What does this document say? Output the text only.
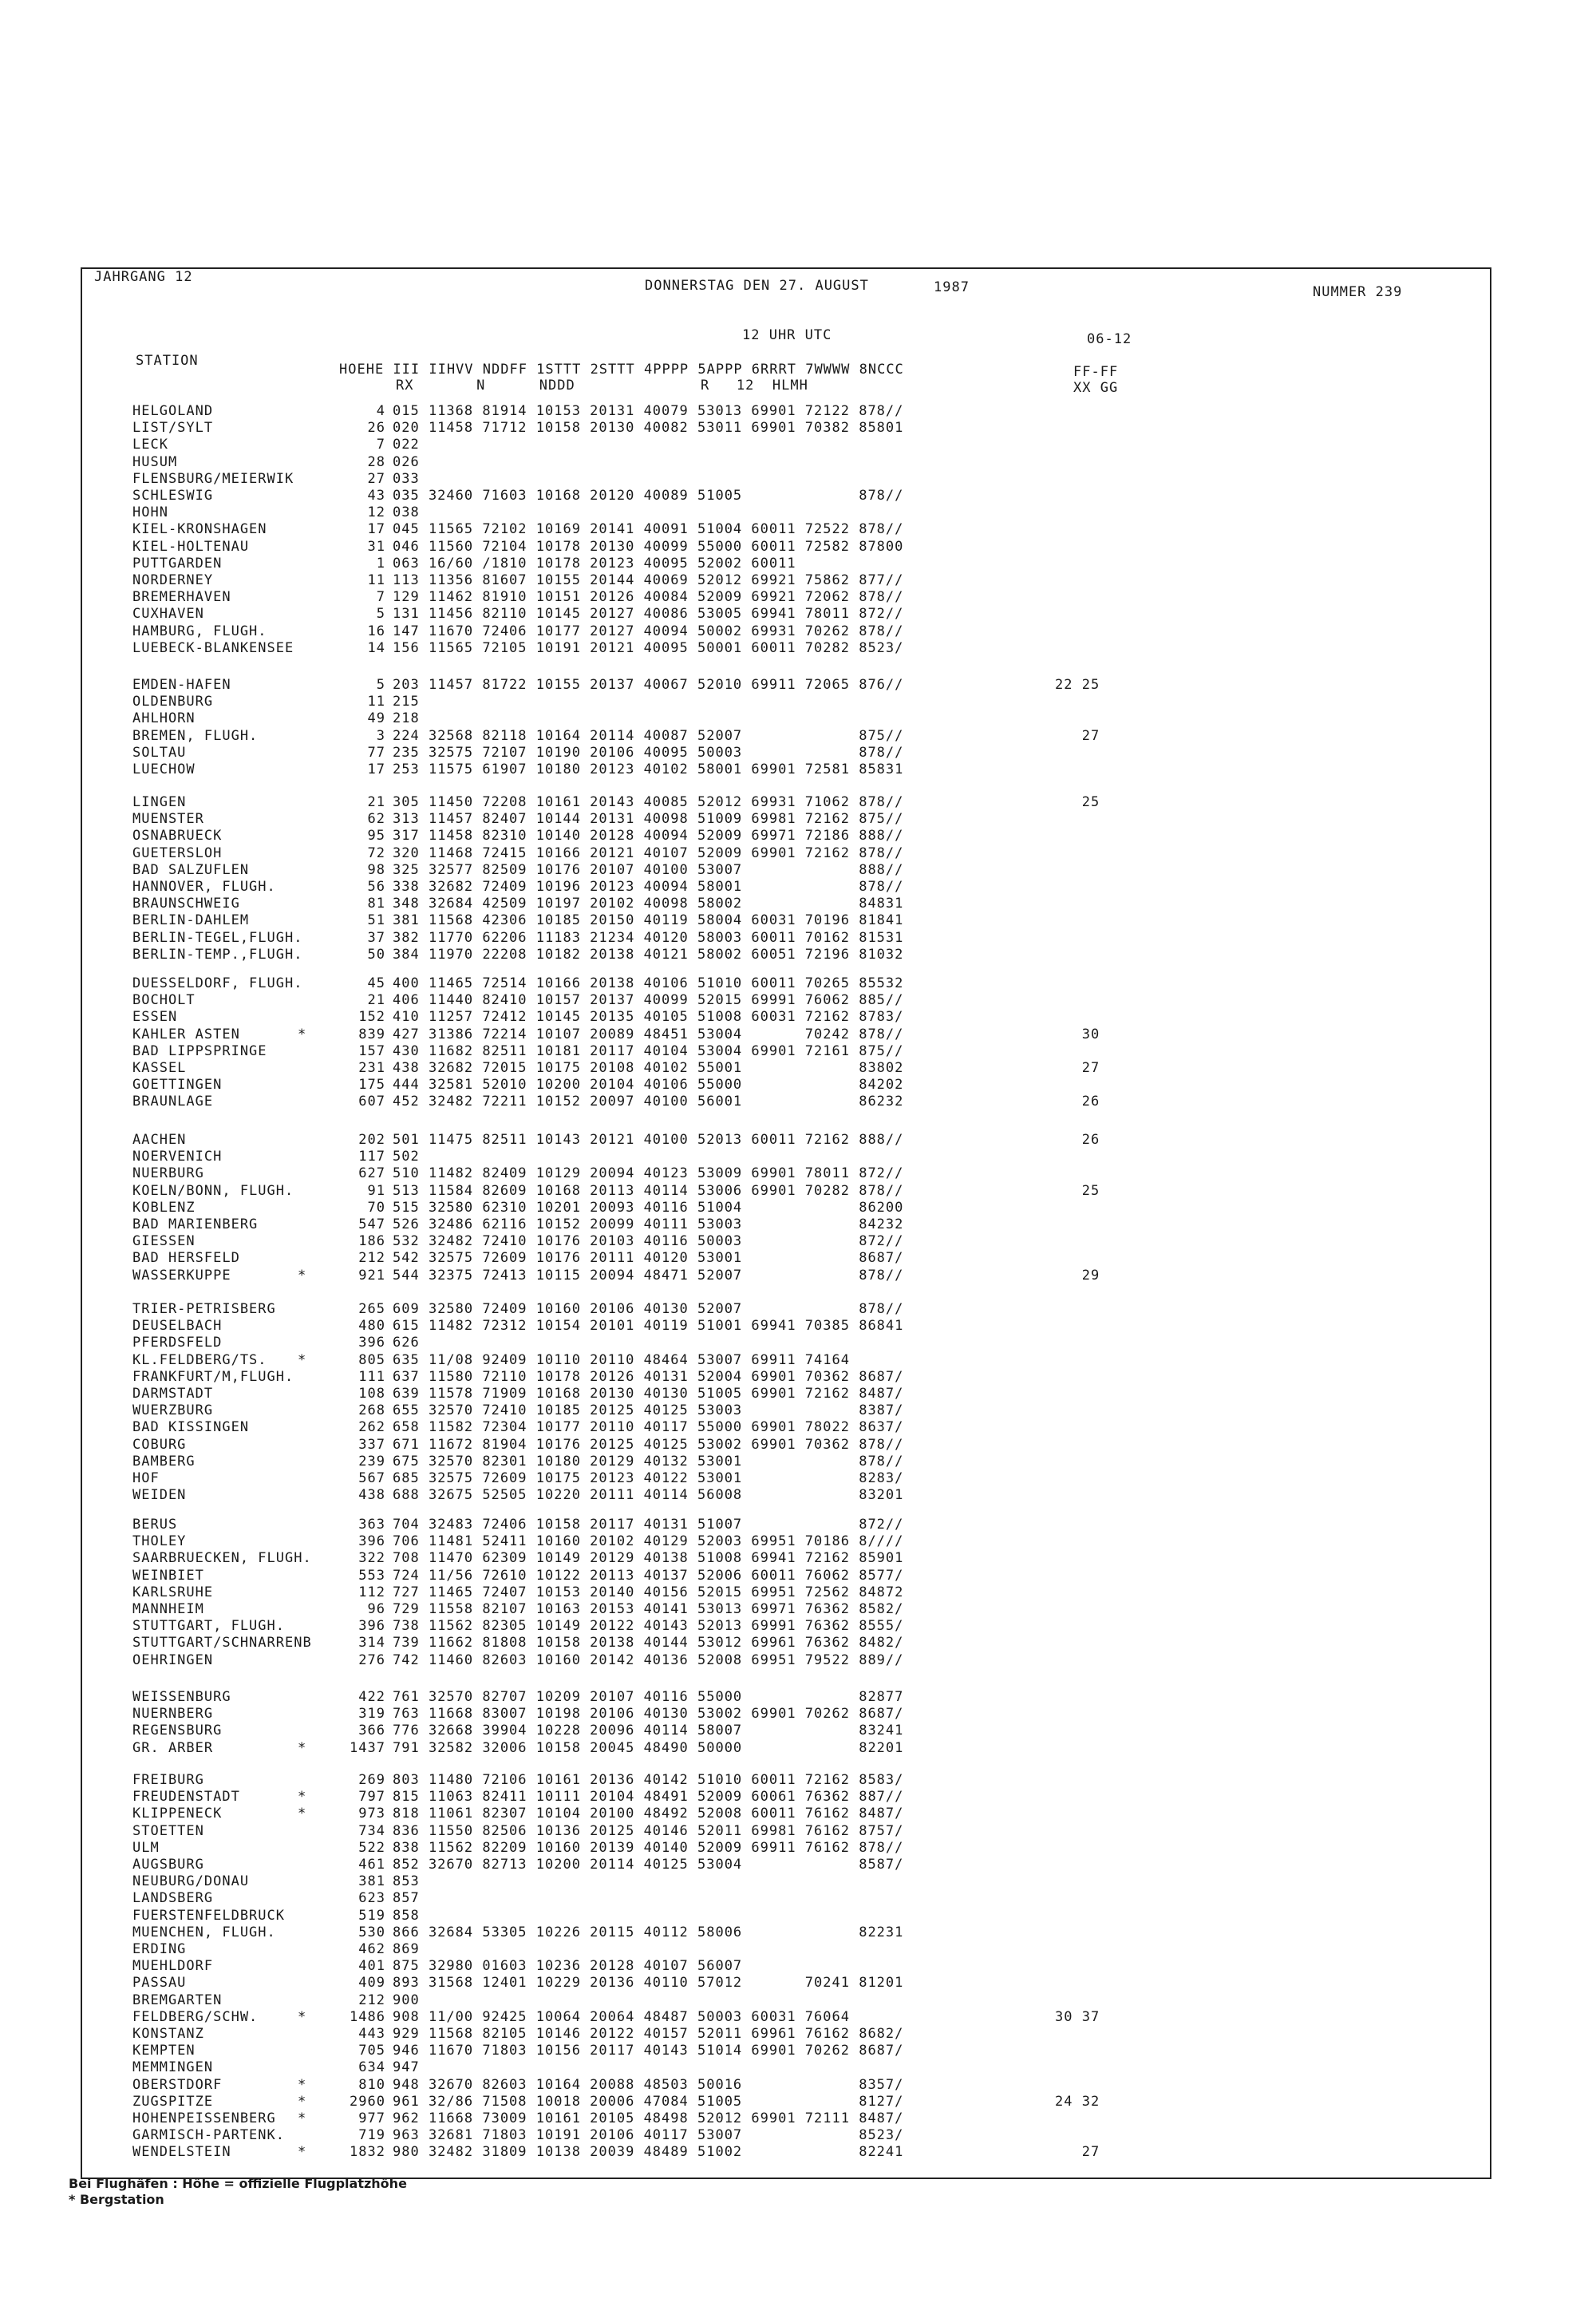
JAHRGANG 12
DONNERSTAG DEN 27. AUGUST	1987	NUMMER 239
12 UHR UTC	06-12
STATION
HOEHE III IIHVV NDDFF 1STTT 2STTT 4PPPP 5APPP 6RRRT 7WWWW 8NCCC
RX       N      NDDD              R   12  HLMH
FF-FF
XX GG
HELGOLAND	4 015 11368 81914 10153 20131 40079 53013 69901 72122 878//
LIST/SYLT	26 020 11458 71712 10158 20130 40082 53011 69901 70382 85801
LECK	7 022
HUSUM	28 026
FLENSBURG/MEIERWIK	27 033
SCHLESWIG	43 035 32460 71603 10168 20120 40089 51005             878//
HOHN	12 038
KIEL-KRONSHAGEN	17 045 11565 72102 10169 20141 40091 51004 60011 72522 878//
KIEL-HOLTENAU	31 046 11560 72104 10178 20130 40099 55000 60011 72582 87800
PUTTGARDEN	1 063 16/60 /1810 10178 20123 40095 52002 60011
NORDERNEY	11 113 11356 81607 10155 20144 40069 52012 69921 75862 877//
BREMERHAVEN	7 129 11462 81910 10151 20126 40084 52009 69921 72062 878//
CUXHAVEN	5 131 11456 82110 10145 20127 40086 53005 69941 78011 872//
HAMBURG, FLUGH.	16 147 11670 72406 10177 20127 40094 50002 69931 70262 878//
LUEBECK-BLANKENSEE	14 156 11565 72105 10191 20121 40095 50001 60011 70282 8523/
EMDEN-HAFEN	5 203 11457 81722 10155 20137 40067 52010 69911 72065 876//	22 25
OLDENBURG	11 215
AHLHORN	49 218
BREMEN, FLUGH.	3 224 32568 82118 10164 20114 40087 52007             875//	27
SOLTAU	77 235 32575 72107 10190 20106 40095 50003             878//
LUECHOW	17 253 11575 61907 10180 20123 40102 58001 69901 72581 85831
LINGEN	21 305 11450 72208 10161 20143 40085 52012 69931 71062 878//	25
MUENSTER	62 313 11457 82407 10144 20131 40098 51009 69981 72162 875//
OSNABRUECK	95 317 11458 82310 10140 20128 40094 52009 69971 72186 888//
GUETERSLOH	72 320 11468 72415 10166 20121 40107 52009 69901 72162 878//
BAD SALZUFLEN	98 325 32577 82509 10176 20107 40100 53007             888//
HANNOVER, FLUGH.	56 338 32682 72409 10196 20123 40094 58001             878//
BRAUNSCHWEIG	81 348 32684 42509 10197 20102 40098 58002             84831
BERLIN-DAHLEM	51 381 11568 42306 10185 20150 40119 58004 60031 70196 81841
BERLIN-TEGEL,FLUGH.	37 382 11770 62206 11183 21234 40120 58003 60011 70162 81531
BERLIN-TEMP.,FLUGH.	50 384 11970 22208 10182 20138 40121 58002 60051 72196 81032
DUESSELDORF, FLUGH.	45 400 11465 72514 10166 20138 40106 51010 60011 70265 85532
BOCHOLT	21 406 11440 82410 10157 20137 40099 52015 69991 76062 885//
ESSEN	152 410 11257 72412 10145 20135 40105 51008 60031 72162 8783/
KAHLER ASTEN	*	839 427 31386 72214 10107 20089 48451 53004       70242 878//	30
BAD LIPPSPRINGE	157 430 11682 82511 10181 20117 40104 53004 69901 72161 875//
KASSEL	231 438 32682 72015 10175 20108 40102 55001             83802	27
GOETTINGEN	175 444 32581 52010 10200 20104 40106 55000             84202
BRAUNLAGE	607 452 32482 72211 10152 20097 40100 56001             86232	26
AACHEN	202 501 11475 82511 10143 20121 40100 52013 60011 72162 888//	26
NOERVENICH	117 502
NUERBURG	627 510 11482 82409 10129 20094 40123 53009 69901 78011 872//
KOELN/BONN, FLUGH.	91 513 11584 82609 10168 20113 40114 53006 69901 70282 878//	25
KOBLENZ	70 515 32580 62310 10201 20093 40116 51004             86200
BAD MARIENBERG	547 526 32486 62116 10152 20099 40111 53003             84232
GIESSEN	186 532 32482 72410 10176 20103 40116 50003             872//
BAD HERSFELD	212 542 32575 72609 10176 20111 40120 53001             8687/
WASSERKUPPE	*	921 544 32375 72413 10115 20094 48471 52007             878//	29
TRIER-PETRISBERG	265 609 32580 72409 10160 20106 40130 52007             878//
DEUSELBACH	480 615 11482 72312 10154 20101 40119 51001 69941 70385 86841
PFERDSFELD	396 626
KL.FELDBERG/TS. *	805 635 11/08 92409 10110 20110 48464 53007 69911 74164
FRANKFURT/M,FLUGH.	111 637 11580 72110 10178 20126 40131 52004 69901 70362 8687/
DARMSTADT	108 639 11578 71909 10168 20130 40130 51005 69901 72162 8487/
WUERZBURG	268 655 32570 72410 10185 20125 40125 53003             8387/
BAD KISSINGEN	262 658 11582 72304 10177 20110 40117 55000 69901 78022 8637/
COBURG	337 671 11672 81904 10176 20125 40125 53002 69901 70362 878//
BAMBERG	239 675 32570 82301 10180 20129 40132 53001             878//
HOF	567 685 32575 72609 10175 20123 40122 53001             8283/
WEIDEN	438 688 32675 52505 10220 20111 40114 56008             83201
BERUS	363 704 32483 72406 10158 20117 40131 51007             872//
THOLEY	396 706 11481 52411 10160 20102 40129 52003 69951 70186 8////
SAARBRUECKEN, FLUGH.	322 708 11470 62309 10149 20129 40138 51008 69941 72162 85901
WEINBIET	553 724 11/56 72610 10122 20113 40137 52006 60011 76062 8577/
KARLSRUHE	112 727 11465 72407 10153 20140 40156 52015 69951 72562 84872
MANNHEIM	96 729 11558 82107 10163 20153 40141 53013 69971 76362 8582/
STUTTGART, FLUGH.	396 738 11562 82305 10149 20122 40143 52013 69991 76362 8555/
STUTTGART/SCHNARRENB	314 739 11662 81808 10158 20138 40144 53012 69961 76362 8482/
OEHRINGEN	276 742 11460 82603 10160 20142 40136 52008 69951 79522 889//
WEISSENBURG	422 761 32570 82707 10209 20107 40116 55000             82877
NUERNBERG	319 763 11668 83007 10198 20106 40130 53002 69901 70262 8687/
REGENSBURG	366 776 32668 39904 10228 20096 40114 58007             83241
GR. ARBER	*	1437 791 32582 32006 10158 20045 48490 50000             82201
FREIBURG	269 803 11480 72106 10161 20136 40142 51010 60011 72162 8583/
FREUDENSTADT	*	797 815 11063 82411 10111 20104 48491 52009 60061 76362 887//
KLIPPENECK	*	973 818 11061 82307 10104 20100 48492 52008 60011 76162 8487/
STOETTEN	734 836 11550 82506 10136 20125 40146 52011 69981 76162 8757/
ULM	522 838 11562 82209 10160 20139 40140 52009 69911 76162 878//
AUGSBURG	461 852 32670 82713 10200 20114 40125 53004             8587/
NEUBURG/DONAU	381 853
LANDSBERG	623 857
FUERSTENFELDBRUCK	519 858
MUENCHEN, FLUGH.	530 866 32684 53305 10226 20115 40112 58006             82231
ERDING	462 869
MUEHLDORF	401 875 32980 01603 10236 20128 40107 56007
PASSAU	409 893 31568 12401 10229 20136 40110 57012       70241 81201
BREMGARTEN	212 900
FELDBERG/SCHW.	*	1486 908 11/00 92425 10064 20064 48487 50003 60031 76064	30 37
KONSTANZ	443 929 11568 82105 10146 20122 40157 52011 69961 76162 8682/
KEMPTEN	705 946 11670 71803 10156 20117 40143 51014 69901 70262 8687/
MEMMINGEN	634 947
OBERSTDORF	*	810 948 32670 82603 10164 20088 48503 50016             8357/
ZUGSPITZE	*	2960 961 32/86 71508 10018 20006 47084 51005             8127/	24 32
HOHENPEISSENBERG *	977 962 11668 73009 10161 20105 48498 52012 69901 72111 8487/
GARMISCH-PARTENK.	719 963 32681 71803 10191 20106 40117 53007             8523/
WENDELSTEIN	*	1832 980 32482 31809 10138 20039 48489 51002             82241	27
Bei Flughäfen : Höhe = offizielle Flugplatzhöhe
* Bergstation
